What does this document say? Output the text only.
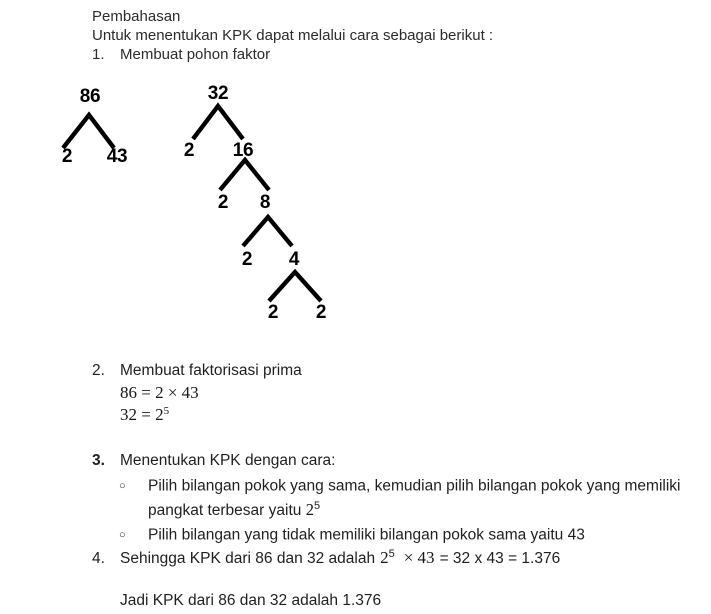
Pembahasan
Untuk menentukan KPK dapat melalui cara sebagai berikut :
1. Membuat pohon faktor
86
2 43
32
2 16
2 8
2 4
2 2
2. Membuat faktorisasi prima
86 = 2 × 43
$32 = 2^5$
3. Menentukan KPK dengan cara:
○ Pilih bilangan pokok yang sama, kemudian pilih bilangan pokok yang memiliki
pangkat terbesar yaitu $2^5$
○ Pilih bilangan yang tidak memiliki bilangan pokok sama yaitu 43
4. Sehingga KPK dari 86 dan 32 adalah $2^5 \times 43 = 32$ x 43 = 1.376
Jadi KPK dari 86 dan 32 adalah 1.376
